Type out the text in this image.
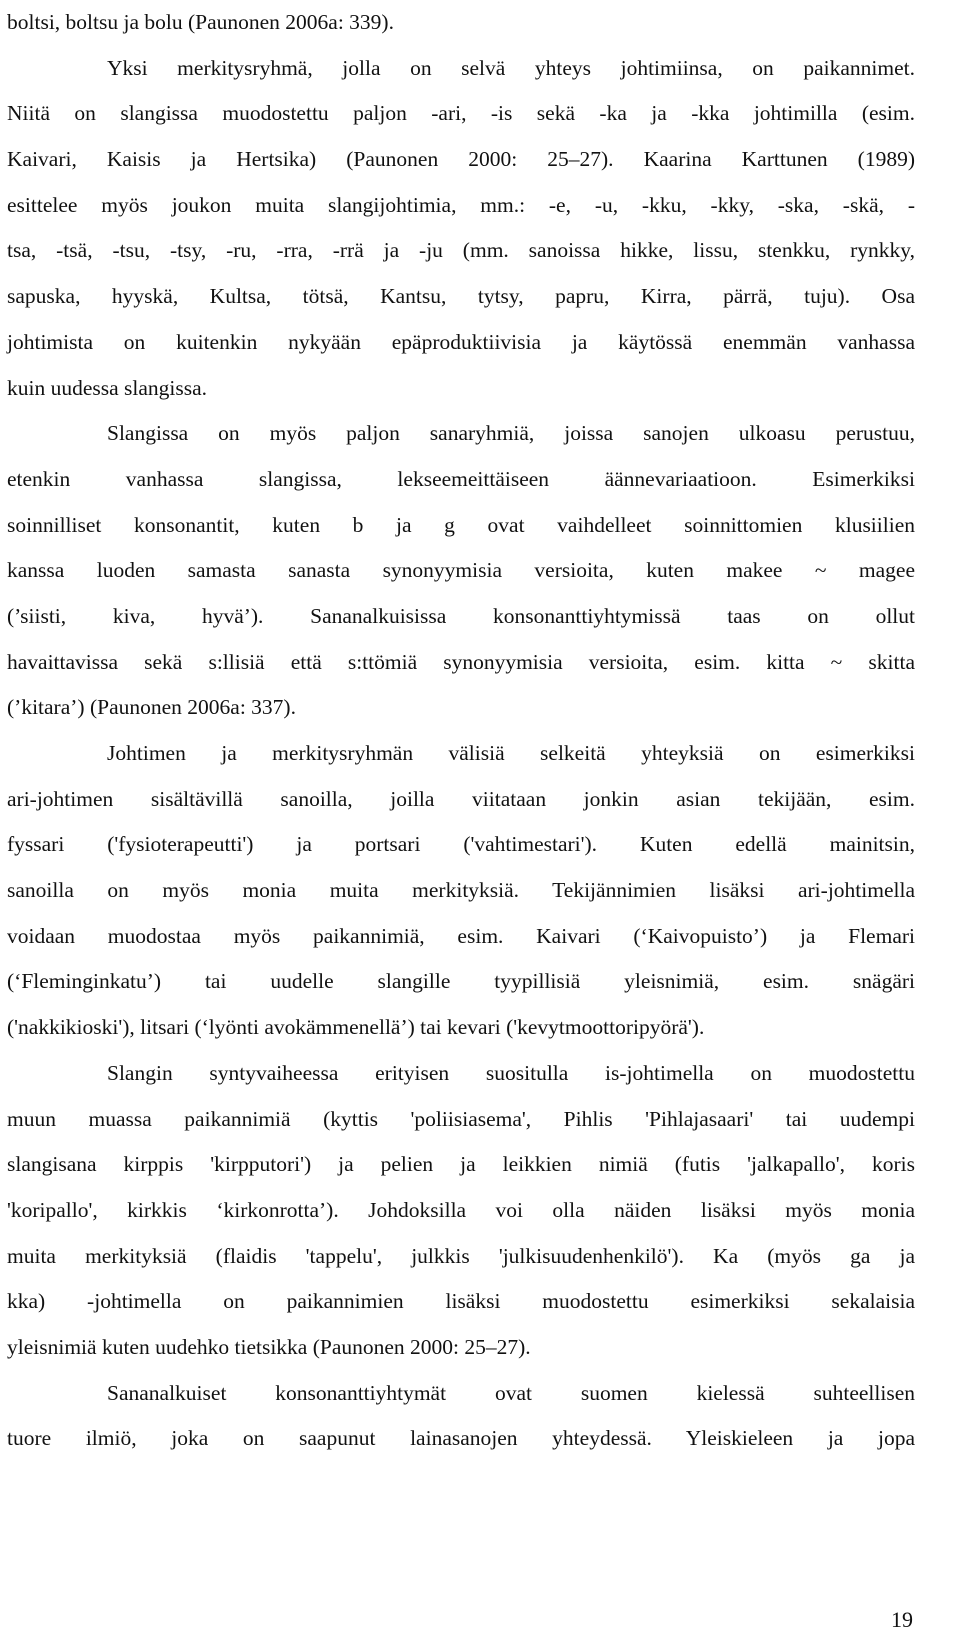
boltsi, boltsu ja bolu (Paunonen 2006a: 339).
Yksi merkitysryhmä, jolla on selvä yhteys johtimiinsa, on paikannimet.
Niitä on slangissa muodostettu paljon -ari, -is sekä -ka ja -kka johtimilla (esim.
Kaivari, Kaisis ja Hertsika) (Paunonen 2000: 25–27). Kaarina Karttunen (1989)
esittelee myös joukon muita slangijohtimia, mm.: -e, -u, -kku, -kky, -ska, -skä, -
tsa, -tsä, -tsu, -tsy, -ru, -rra, -rrä ja -ju (mm. sanoissa hikke, lissu, stenkku, rynkky,
sapuska, hyyskä, Kultsa, tötsä, Kantsu, tytsy, papru, Kirra, pärrä, tuju). Osa
johtimista on kuitenkin nykyään epäproduktiivisia ja käytössä enemmän vanhassa
kuin uudessa slangissa.
Slangissa on myös paljon sanaryhmiä, joissa sanojen ulkoasu perustuu,
etenkin vanhassa slangissa, lekseemeittäiseen äännevariaatioon. Esimerkiksi
soinnilliset konsonantit, kuten b ja g ovat vaihdelleet soinnittomien klusiilien
kanssa luoden samasta sanasta synonyymisia versioita, kuten makee ~ magee
(’siisti, kiva, hyvä’). Sananalkuisissa konsonanttiyhtymissä taas on ollut
havaittavissa sekä s:llisiä että s:ttömiä synonyymisia versioita, esim. kitta ~ skitta
(’kitara’) (Paunonen 2006a: 337).
Johtimen ja merkitysryhmän välisiä selkeitä yhteyksiä on esimerkiksi
ari-johtimen sisältävillä sanoilla, joilla viitataan jonkin asian tekijään, esim.
fyssari ('fysioterapeutti') ja portsari ('vahtimestari'). Kuten edellä mainitsin,
sanoilla on myös monia muita merkityksiä. Tekijännimien lisäksi ari-johtimella
voidaan muodostaa myös paikannimiä, esim. Kaivari (‘Kaivopuisto’) ja Flemari
(‘Fleminginkatu’) tai uudelle slangille tyypillisiä yleisnimiä, esim. snägäri
('nakkikioski'), litsari (‘lyönti avokämmenellä’) tai kevari ('kevytmoottoripyörä').
Slangin syntyvaiheessa erityisen suositulla is-johtimella on muodostettu
muun muassa paikannimiä (kyttis 'poliisiasema', Pihlis 'Pihlajasaari' tai uudempi
slangisana kirppis 'kirpputori') ja pelien ja leikkien nimiä (futis 'jalkapallo', koris
'koripallo', kirkkis ‘kirkonrotta’). Johdoksilla voi olla näiden lisäksi myös monia
muita merkityksiä (flaidis 'tappelu', julkkis 'julkisuudenhenkilö'). Ka (myös ga ja
kka) -johtimella on paikannimien lisäksi muodostettu esimerkiksi sekalaisia
yleisnimiä kuten uudehko tietsikka (Paunonen 2000: 25–27).
Sananalkuiset konsonanttiyhtymät ovat suomen kielessä suhteellisen
tuore ilmiö, joka on saapunut lainasanojen yhteydessä. Yleiskieleen ja jopa
19
